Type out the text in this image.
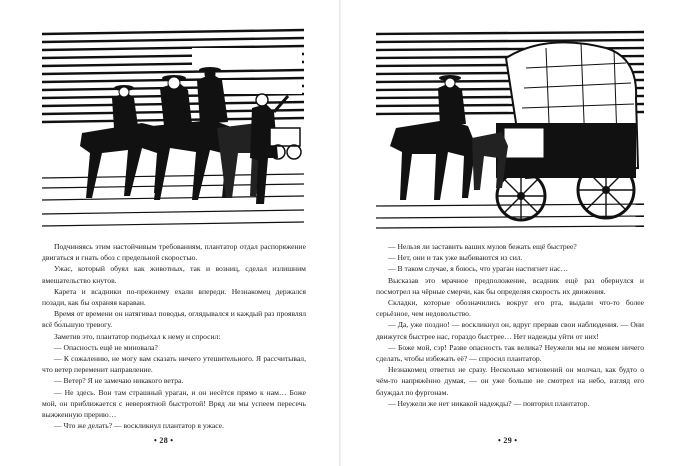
Подчиняясь этим настойчивым требованиям, плантатор отдал распоряжение двигаться и гнать обоз с предельной скоростью.

Ужас, который обуял как животных, так и возниц, сделал излишним вмешательство кнутов.

Карета и всадники по-прежнему ехали впереди. Незнакомец держался позади, как бы охраняя караван.

Время от времени он натягивал поводья, оглядывался и каждый раз проявлял всё бо́льшую тревогу.

Заметив это, плантатор подъехал к нему и спросил:

— Опасность ещё не миновала?

— К сожалению, не могу вам сказать ничего утешительного. Я рассчитывал, что ветер переменит направление.

— Ветер? Я не замечаю никакого ветра.

— Не здесь. Вон там страшный ураган, и он несётся прямо к нам… Боже мой, он приближается с невероятной быстротой! Вряд ли мы успеем пересечь выжженную прерию…

— Что же делать? — воскликнул плантатор в ужасе.

• 28 •

— Нельзя ли заставить ваших мулов бежать ещё быстрее?

— Нет, они и так уже выбиваются из сил.

— В таком случае, я боюсь, что ураган настигнет нас…

Высказав это мрачное предположение, всадник ещё раз обернулся и посмотрел на чёрные смерчи, как бы определяя скорость их движения.

Складки, которые обозначились вокруг его рта, выдали что-то более серьёзное, чем недовольство.

— Да, уже поздно! — воскликнул он, вдруг прервав свои наблюдения. — Они движутся быстрее нас, гораздо быстрее… Нет надежды уйти от них!

— Боже мой, сэр! Разве опасность так велика? Неужели мы не можем ничего сделать, чтобы избежать её? — спросил плантатор.

Незнакомец ответил не сразу. Несколько мгновений он молчал, как будто о чём-то напряжённо думая, — он уже больше не смотрел на небо, взгляд его блуждал по фургонам.

— Неужели же нет никакой надежды? — повторил плантатор.

• 29 •
